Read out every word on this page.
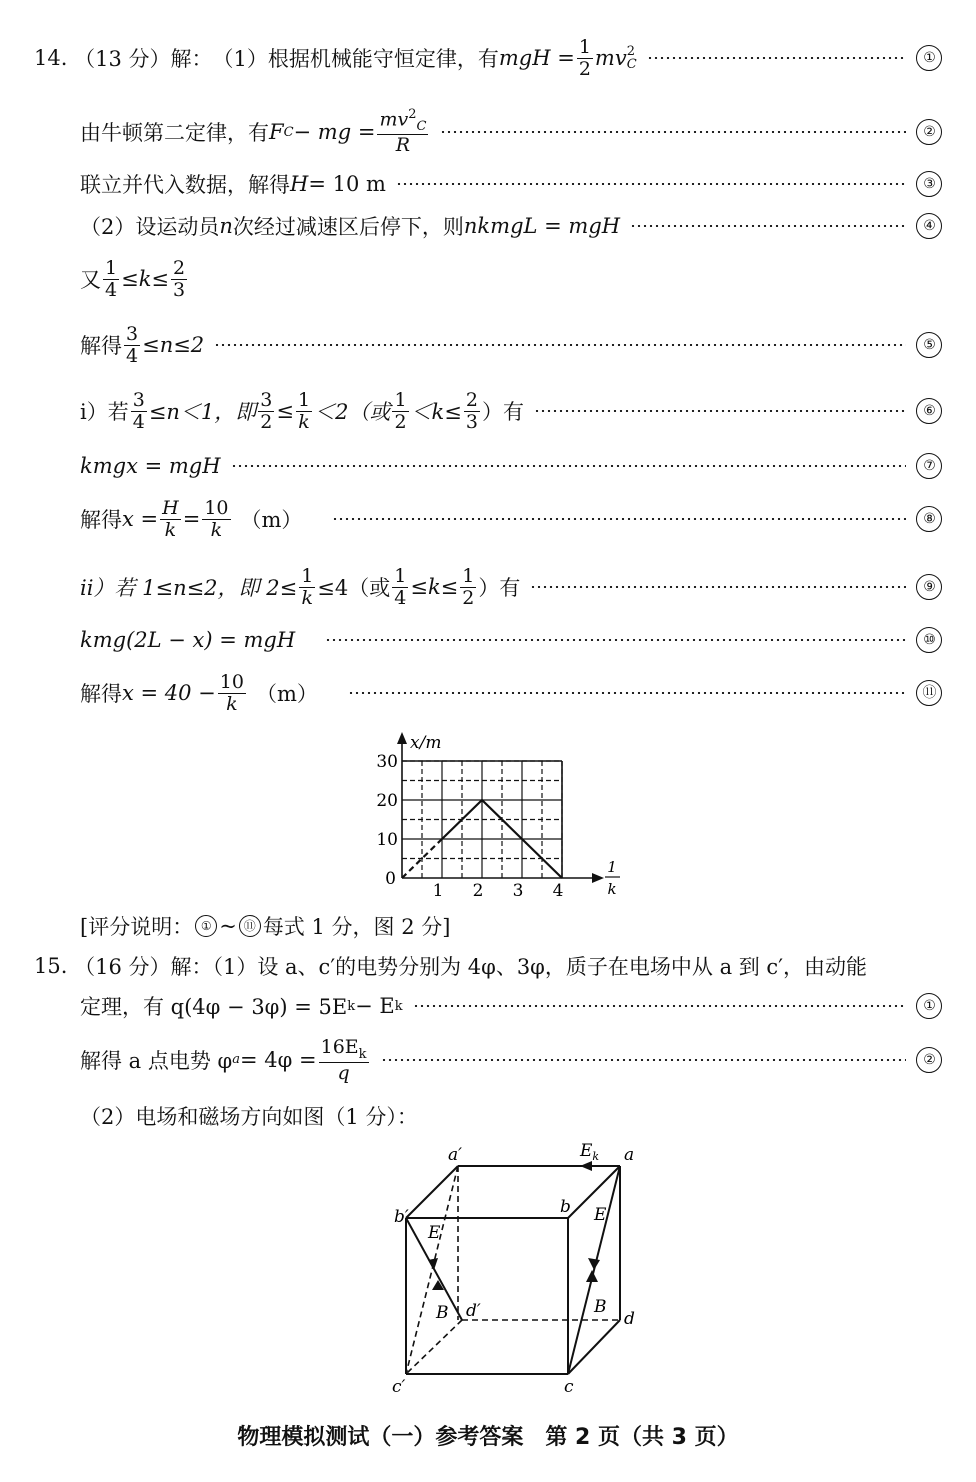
14.
（13 分） 解： （1） 根据机械能守恒定律，有 mgH = $\frac{1}{2}$ mv 2
C	①
由牛顿第二定律，有 F C − mg = $\frac{mv^2_C}{R}$	②
联立并代入数据，解得 H = 10 m	③
（2）设运动员 n 次经过减速区后停下，则 nkmgL = mgH	④
又 $\frac{1}{4} \le k\le \frac{2}{3}$
解得 $\frac{3}{4} \le n\le 2$	⑤
i）若 $\frac{3}{4} \le n<1$，即 $\frac{3}{2} \le \frac{1}{k} <2$（或 $\frac{1}{2} <k\le \frac{2}{3}$ ）有	⑥
kmgx = mgH	⑦
解得 $x = \frac{H}{k} = \frac{10}{k} (m)$	⑧
ii）若 1≤n≤2，即 $2\le \frac{1}{k} \le 4$（或 $\frac{1}{4} \le k\le \frac{1}{2}$ ）有	⑨
kmg(2L − x) = mgH	⑩
解得 $x = 40 - \frac{10}{k} (m)$	⑪
x/m
1
k
0
1 2 3 4
10
20
30
[评分说明： ① ~ ⑪ 每式 1 分，图 2 分]
15.
（16 分） 解：（1）设 a、c′的电势分别为 4φ、3φ，质子在电场中从 a 到 c′，由动能
定理，有 q(4φ − 3φ) = 5E k − E k	①
解得 a 点电势 φ $a = 4\varphi = \frac{16E_k}{q}$	②
（2）电场和磁场方向如图（1 分）：
a′	a
b
b′
c
c′
d
d′
$E_k$
E
B
E
B
物理模拟测试（一）参考答案　第 2 页（共 3 页）
